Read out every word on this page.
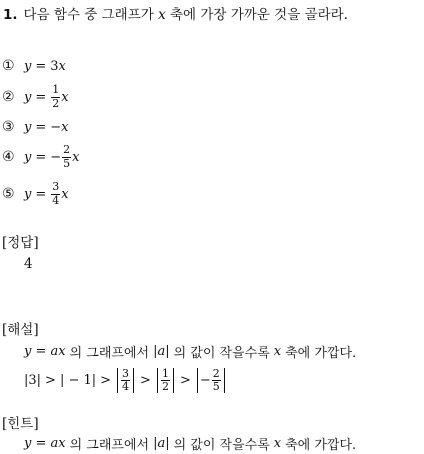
1. 다음 함수 중 그래프가 x 축에 가장 가까운 것을 골라라.
① y = 3 x
② $y = \frac{1}{2}$ x
③ y = − x
④ y = − $\frac{2}{5}$ x
⑤ $y = \frac{3}{4}$ x
[정답]
4
[해설]
y = ax 의 그래프에서 |a| 의 값이 작을수록 x 축에 가깝다.
|3| > | − $1| > \frac{3}{4} > \frac{1}{2}$ > − $\frac{2}{5}$
[힌트]
y = ax 의 그래프에서 |a| 의 값이 작을수록 x 축에 가깝다.
